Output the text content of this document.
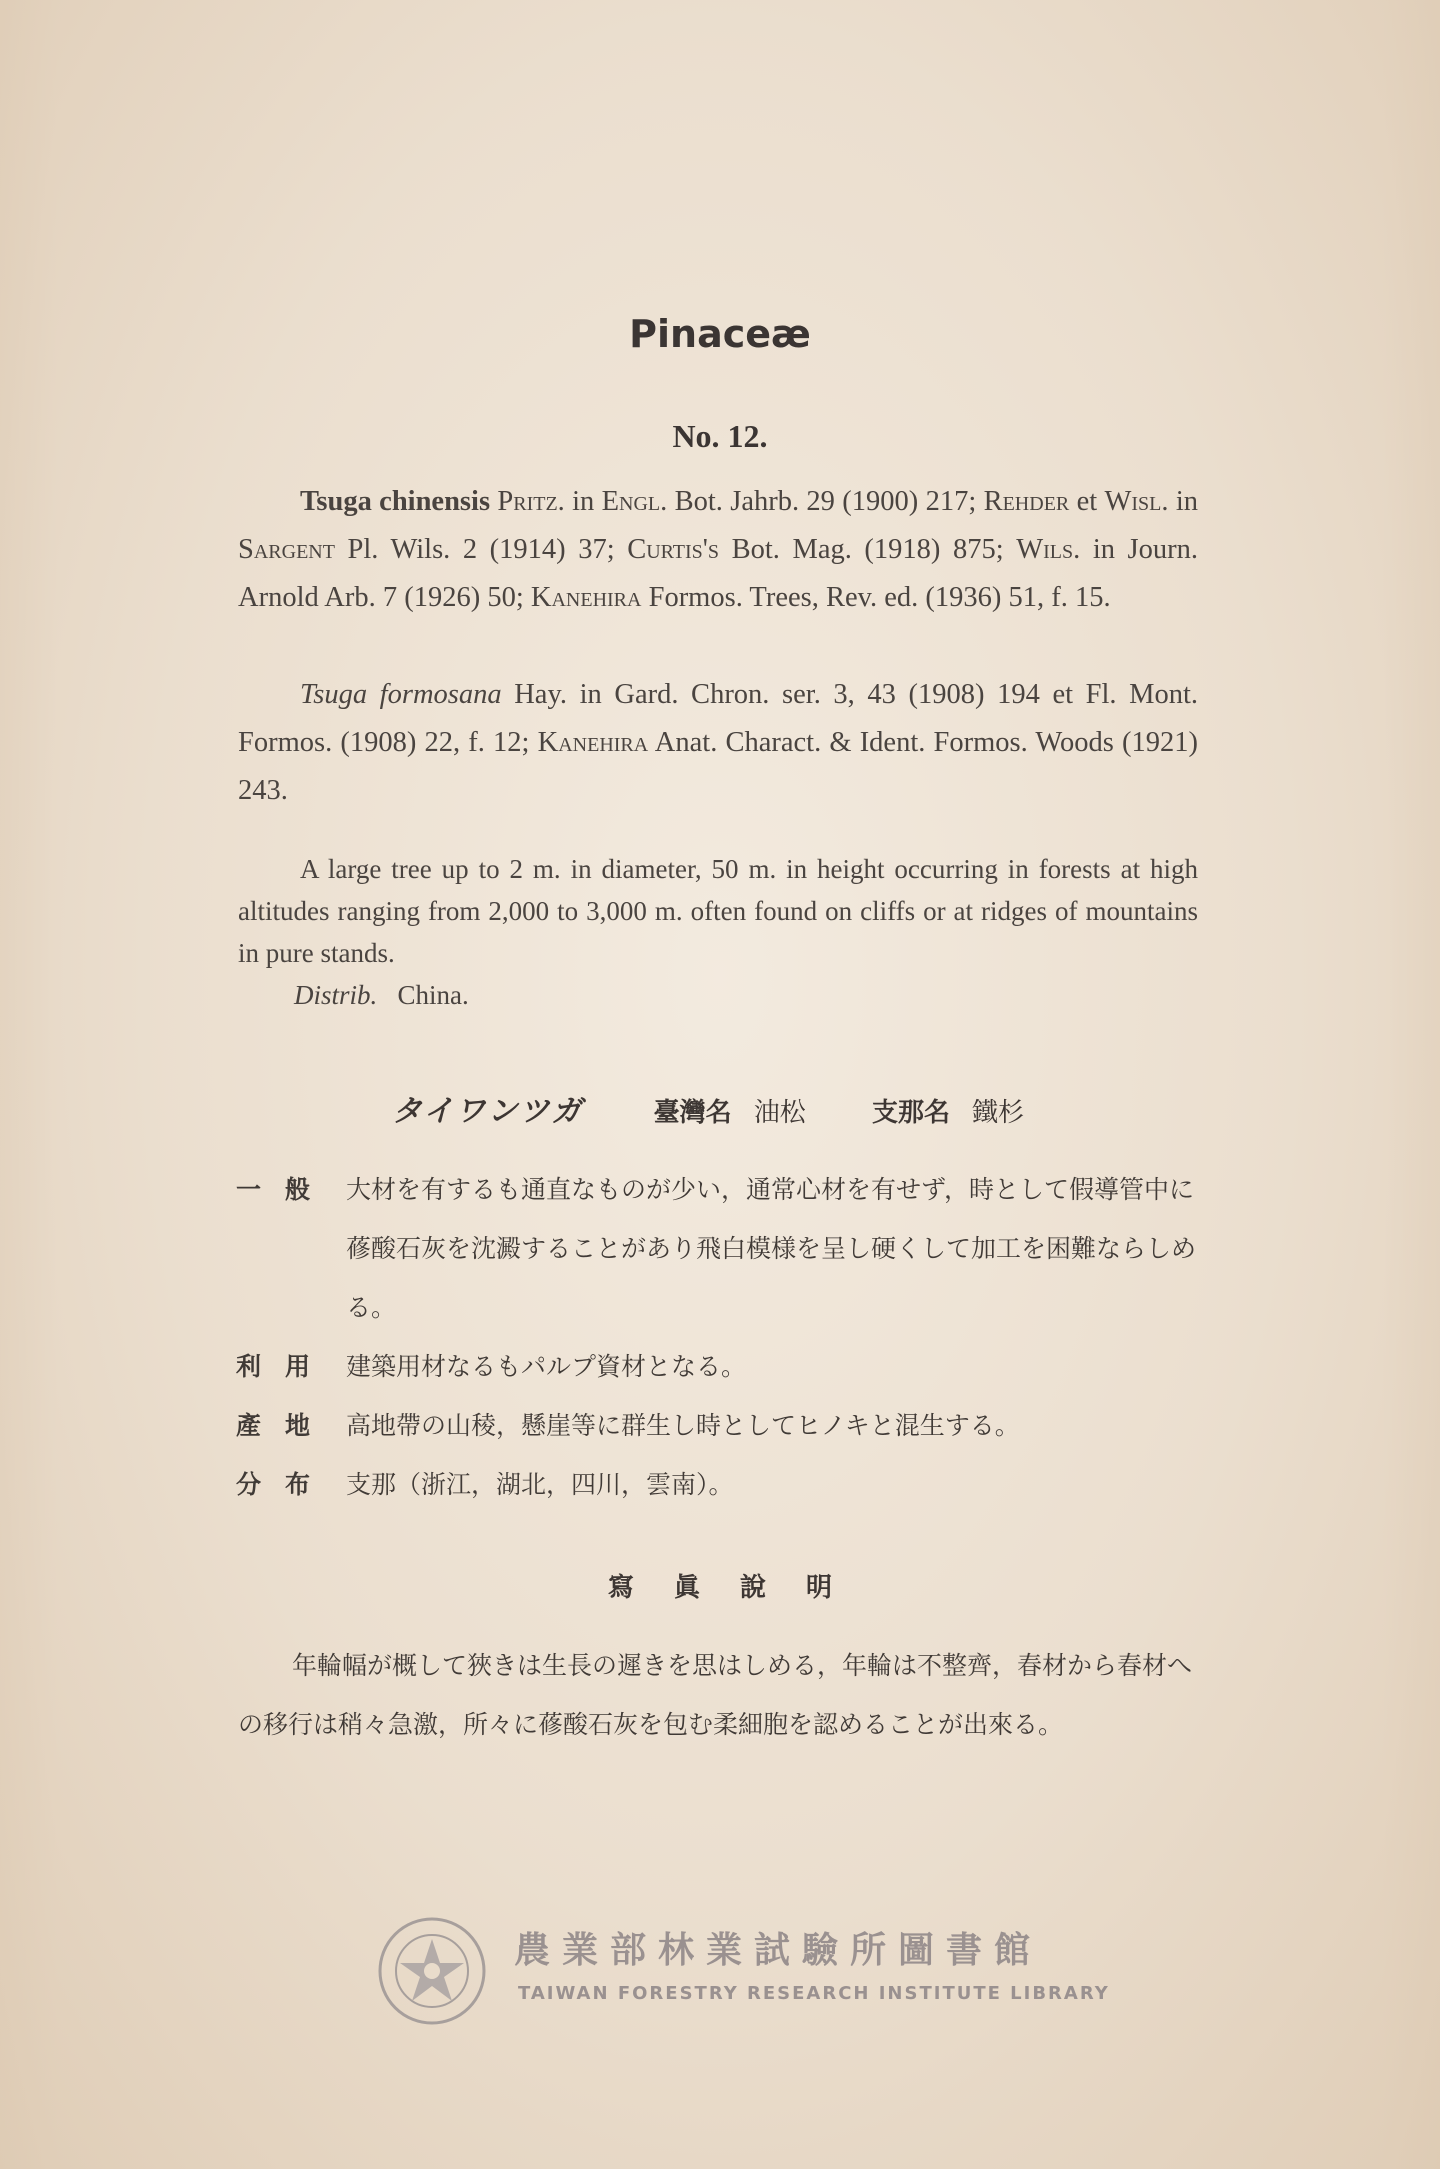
Pinaceæ
No. 12.

Tsuga chinensis Pritz. in Engl. Bot. Jahrb. 29 (1900) 217; Rehder et Wisl. in Sargent Pl. Wils. 2 (1914) 37; Curtis's Bot. Mag. (1918) 875; Wils. in Journ. Arnold Arb. 7 (1926) 50; Kanehira Formos. Trees, Rev. ed. (1936) 51, f. 15.

Tsuga formosana Hay. in Gard. Chron. ser. 3, 43 (1908) 194 et Fl. Mont. Formos. (1908) 22, f. 12; Kanehira Anat. Charact. & Ident. Formos. Woods (1921) 243.

A large tree up to 2 m. in diameter, 50 m. in height occurring in forests at high altitudes ranging from 2,000 to 3,000 m. often found on cliffs or at ridges of mountains in pure stands.

Distrib. China.

タイワンツガ	臺灣名 油松	支那名 鐵杉
一般 大材を有するも通直なものが少い，通常心材を有せず，時として假導管中に蓚酸石灰を沈澱することがあり飛白模様を呈し硬くして加工を困難ならしめる。
利用 建築用材なるもパルプ資材となる。
產地 高地帶の山稜，懸崖等に群生し時としてヒノキと混生する。
分布 支那（浙江，湖北，四川，雲南）。
寫眞說明
年輪幅が概して狹きは生長の遲きを思はしめる，年輪は不整齊，春材から春材への移行は稍々急激，所々に蓚酸石灰を包む柔細胞を認めることが出來る。
農業部林業試驗所圖書館
TAIWAN FORESTRY RESEARCH INSTITUTE LIBRARY
